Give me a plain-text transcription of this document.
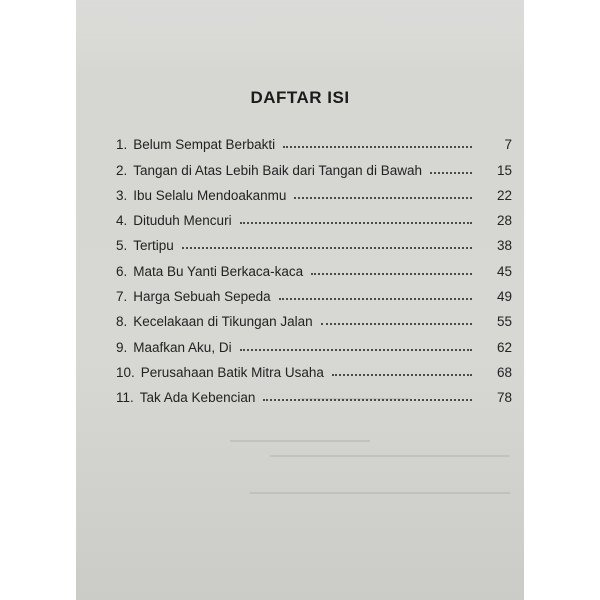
DAFTAR ISI
1. Belum Sempat Berbakti	7
2. Tangan di Atas Lebih Baik dari Tangan di Bawah	15
3. Ibu Selalu Mendoakanmu	22
4. Dituduh Mencuri	28
5. Tertipu	38
6. Mata Bu Yanti Berkaca-kaca	45
7. Harga Sebuah Sepeda	49
8. Kecelakaan di Tikungan Jalan	55
9. Maafkan Aku, Di	62
10. Perusahaan Batik Mitra Usaha	68
11. Tak Ada Kebencian	78
